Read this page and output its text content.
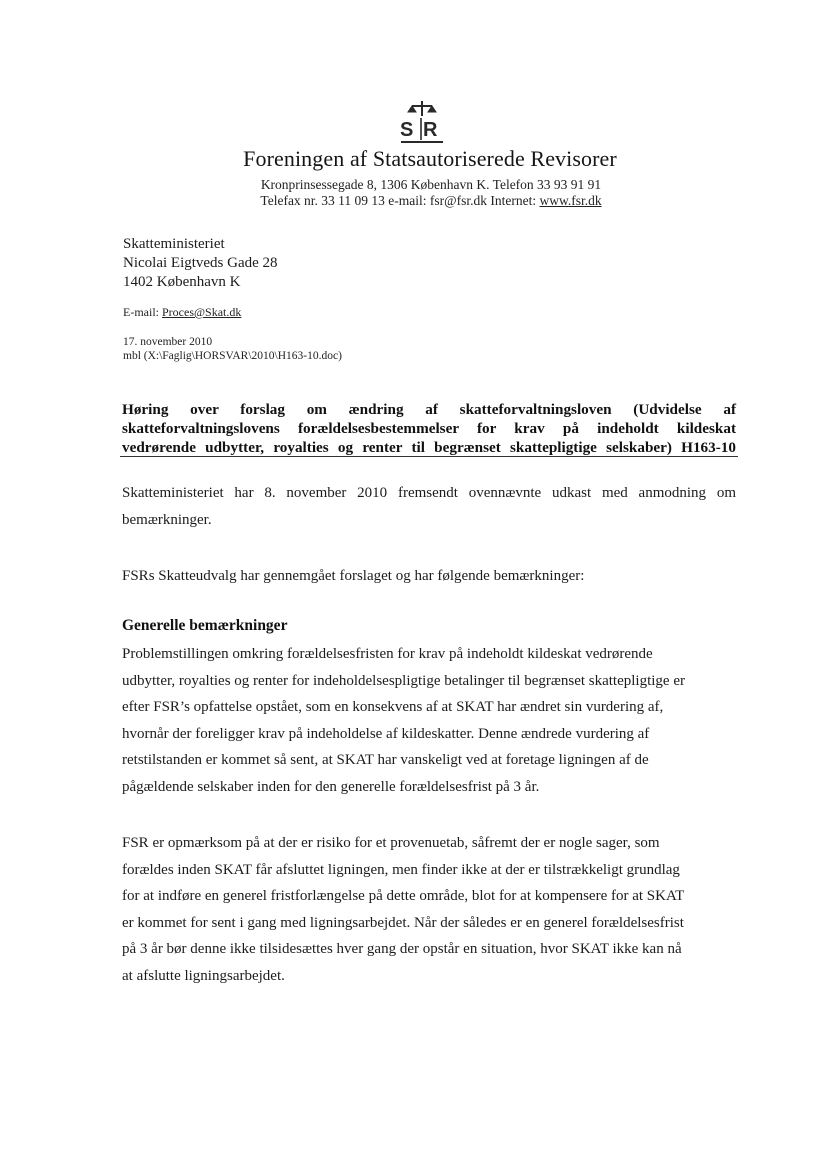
S R
Foreningen af Statsautoriserede Revisorer
Kronprinsessegade 8, 1306 København K. Telefon 33 93 91 91
Telefax nr. 33 11 09 13 e-mail: fsr@fsr.dk Internet: www.fsr.dk
Skatteministeriet
Nicolai Eigtveds Gade 28
1402 København K
E-mail: Proces@Skat.dk
17. november 2010
mbl (X:\Faglig\HORSVAR\2010\H163-10.doc)
Høring over forslag om ændring af skatteforvaltningsloven (Udvidelse af
skatteforvaltningslovens forældelsesbestemmelser for krav på indeholdt kildeskat
vedrørende udbytter, royalties og renter til begrænset skattepligtige selskaber) H163-10
Skatteministeriet har 8. november 2010 fremsendt ovennævnte udkast med anmodning om
bemærkninger.
FSRs Skatteudvalg har gennemgået forslaget og har følgende bemærkninger:
Generelle bemærkninger
Problemstillingen omkring forældelsesfristen for krav på indeholdt kildeskat vedrørende
udbytter, royalties og renter for indeholdelsespligtige betalinger til begrænset skattepligtige er
efter FSR’s opfattelse opstået, som en konsekvens af at SKAT har ændret sin vurdering af,
hvornår der foreligger krav på indeholdelse af kildeskatter. Denne ændrede vurdering af
retstilstanden er kommet så sent, at SKAT har vanskeligt ved at foretage ligningen af de
pågældende selskaber inden for den generelle forældelsesfrist på 3 år.
FSR er opmærksom på at der er risiko for et provenuetab, såfremt der er nogle sager, som
forældes inden SKAT får afsluttet ligningen, men finder ikke at der er tilstrækkeligt grundlag
for at indføre en generel fristforlængelse på dette område, blot for at kompensere for at SKAT
er kommet for sent i gang med ligningsarbejdet. Når der således er en generel forældelsesfrist
på 3 år bør denne ikke tilsidesættes hver gang der opstår en situation, hvor SKAT ikke kan nå
at afslutte ligningsarbejdet.
